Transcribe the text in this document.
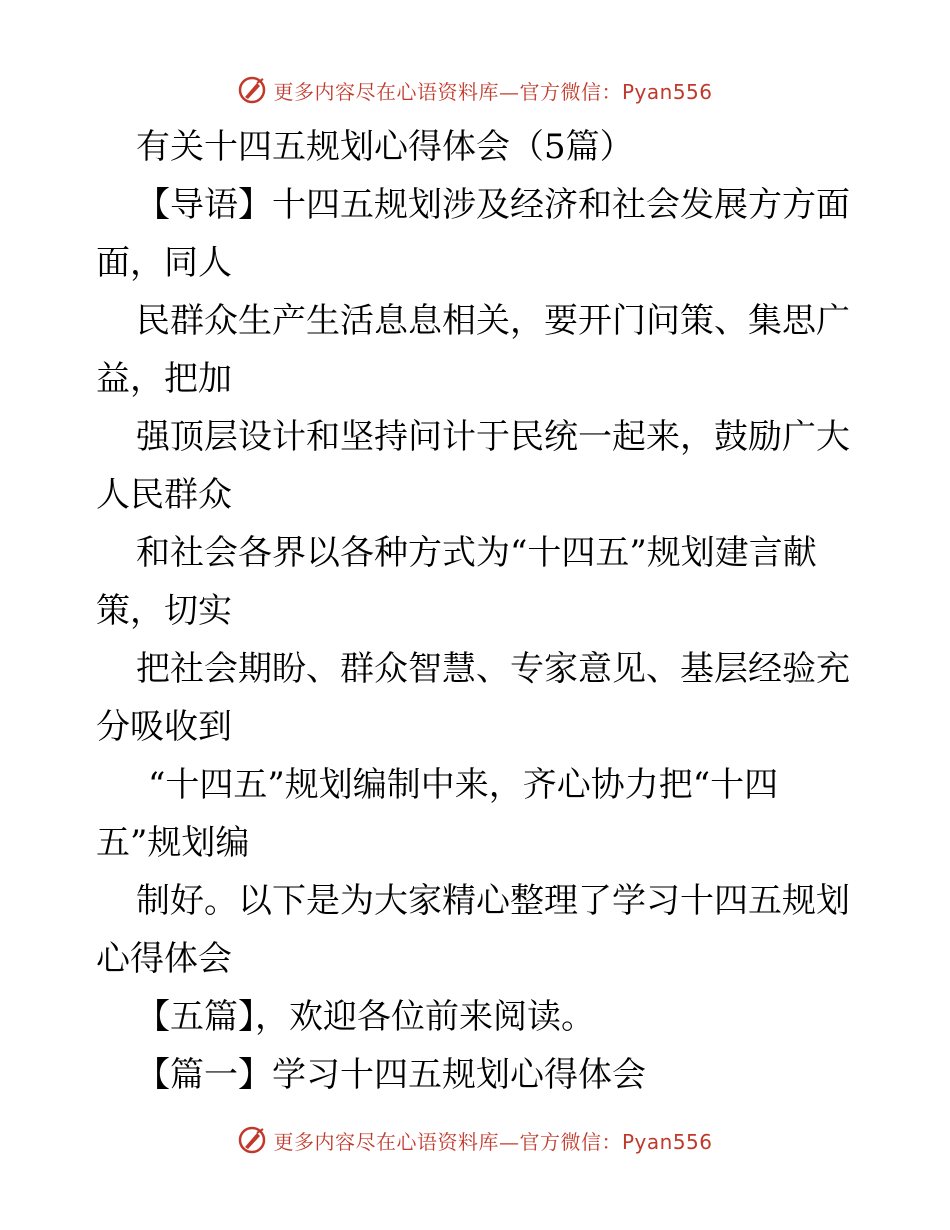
更多内容尽在心语资料库—官方微信：Pyan556
有关十四五规划心得体会（5篇）
【导语】十四五规划涉及经济和社会发展方方面
面，同人
民群众生产生活息息相关，要开门问策、集思广
益，把加
强顶层设计和坚持问计于民统一起来，鼓励广大
人民群众
和社会各界以各种方式为“十四五”规划建言献
策，切实
把社会期盼、群众智慧、专家意见、基层经验充
分吸收到
“十四五”规划编制中来，齐心协力把“十四
五”规划编
制好。以下是为大家精心整理了学习十四五规划
心得体会
【五篇】，欢迎各位前来阅读。
【篇一】学习十四五规划心得体会
更多内容尽在心语资料库—官方微信：Pyan556
